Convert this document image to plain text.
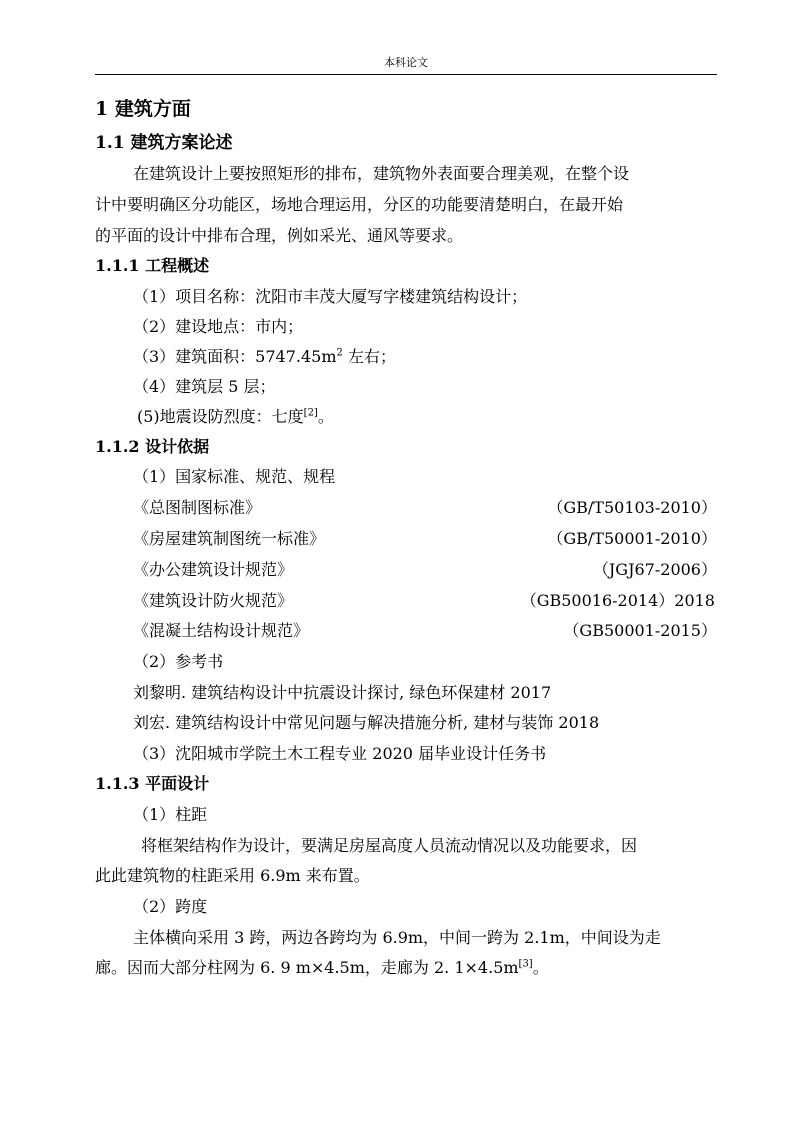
本科论文
1 建筑方面
1.1 建筑方案论述
在建筑设计上要按照矩形的排布，建筑物外表面要合理美观，在整个设
计中要明确区分功能区，场地合理运用，分区的功能要清楚明白，在最开始
的平面的设计中排布合理，例如采光、通风等要求。
1.1.1 工程概述
（1）项目名称：沈阳市丰茂大厦写字楼建筑结构设计；
（2）建设地点：市内；
（3）建筑面积：$5747.45m^2$ 左右；
（4）建筑层 5 层；
(5)地震设防烈度：七度[2]。
1.1.2 设计依据
（1）国家标准、规范、规程
《总图制图标准》	（GB/T50103-2010）
《房屋建筑制图统一标准》	（GB/T50001-2010）
《办公建筑设计规范》	（JGJ67-2006）
《建筑设计防火规范》	（GB50016-2014）2018
《混凝土结构设计规范》	（GB50001-2015）
（2）参考书
刘黎明. 建筑结构设计中抗震设计探讨, 绿色环保建材 2017
刘宏. 建筑结构设计中常见问题与解决措施分析, 建材与装饰 2018
（3）沈阳城市学院土木工程专业 2020 届毕业设计任务书
1.1.3 平面设计
（1）柱距
将框架结构作为设计，要满足房屋高度人员流动情况以及功能要求，因
此此建筑物的柱距采用 6.9m 来布置。
（2）跨度
主体横向采用 3 跨，两边各跨均为 6.9m，中间一跨为 2.1m，中间设为走
廊。因而大部分柱网为 6. 9 m×4.5m，走廊为 2. 1×4.5m[3]。
